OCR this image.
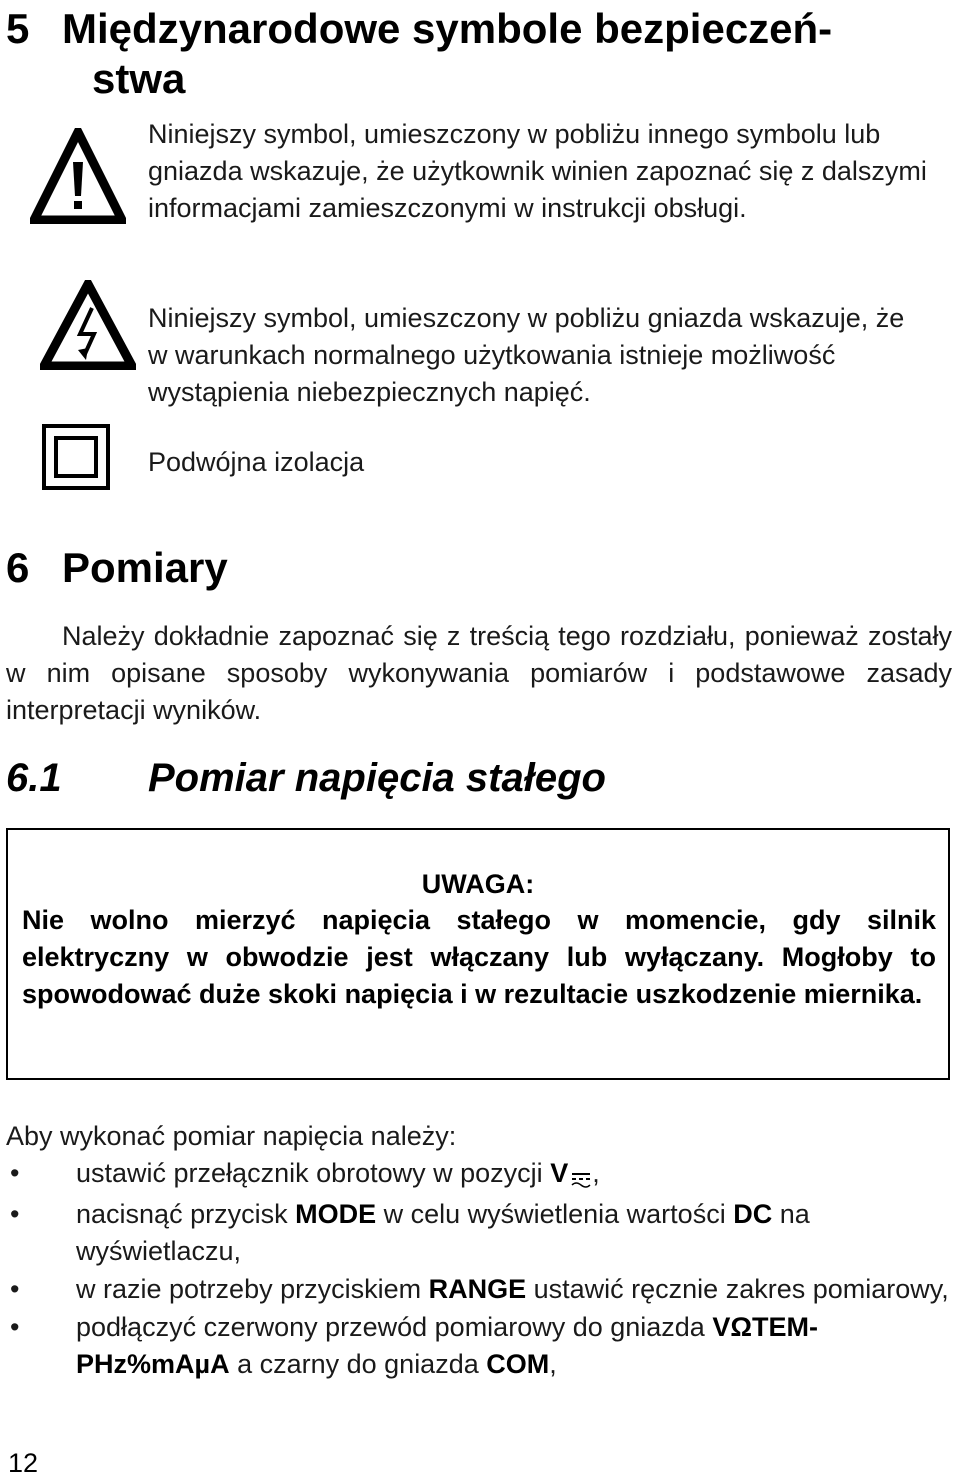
5 Międzynarodowe symbole bezpieczeń-
stwa
Niniejszy symbol, umieszczony w pobliżu innego symbolu lub gniazda wskazuje, że użytkownik winien zapoznać się z dalszymi informacjami zamieszczonymi w instrukcji obsługi.
Niniejszy symbol, umieszczony w pobliżu gniazda wskazuje, że w warunkach normalnego użytkowania istnieje możliwość wystąpienia niebezpiecznych napięć.
Podwójna izolacja
6 Pomiary
Należy dokładnie zapoznać się z treścią tego rozdziału, ponieważ zostały w nim opisane sposoby wykonywania pomiarów i podstawowe zasady interpretacji wyników.
6.1 Pomiar napięcia stałego
UWAGA:
Nie wolno mierzyć napięcia stałego w momencie, gdy silnik elektryczny w obwodzie jest włączany lub wyłączany. Mogłoby to spowodować duże skoki napięcia i w rezultacie uszkodzenie miernika.
Aby wykonać pomiar napięcia należy:
• ustawić przełącznik obrotowy w pozycji V ,
• nacisnąć przycisk MODE w celu wyświetlenia wartości DC na wyświetlaczu,
• w razie potrzeby przyciskiem RANGE ustawić ręcznie zakres pomiarowy,
• podłączyć czerwony przewód pomiarowy do gniazda VΩTEM-PHz%mAµA a czarny do gniazda COM,
12
